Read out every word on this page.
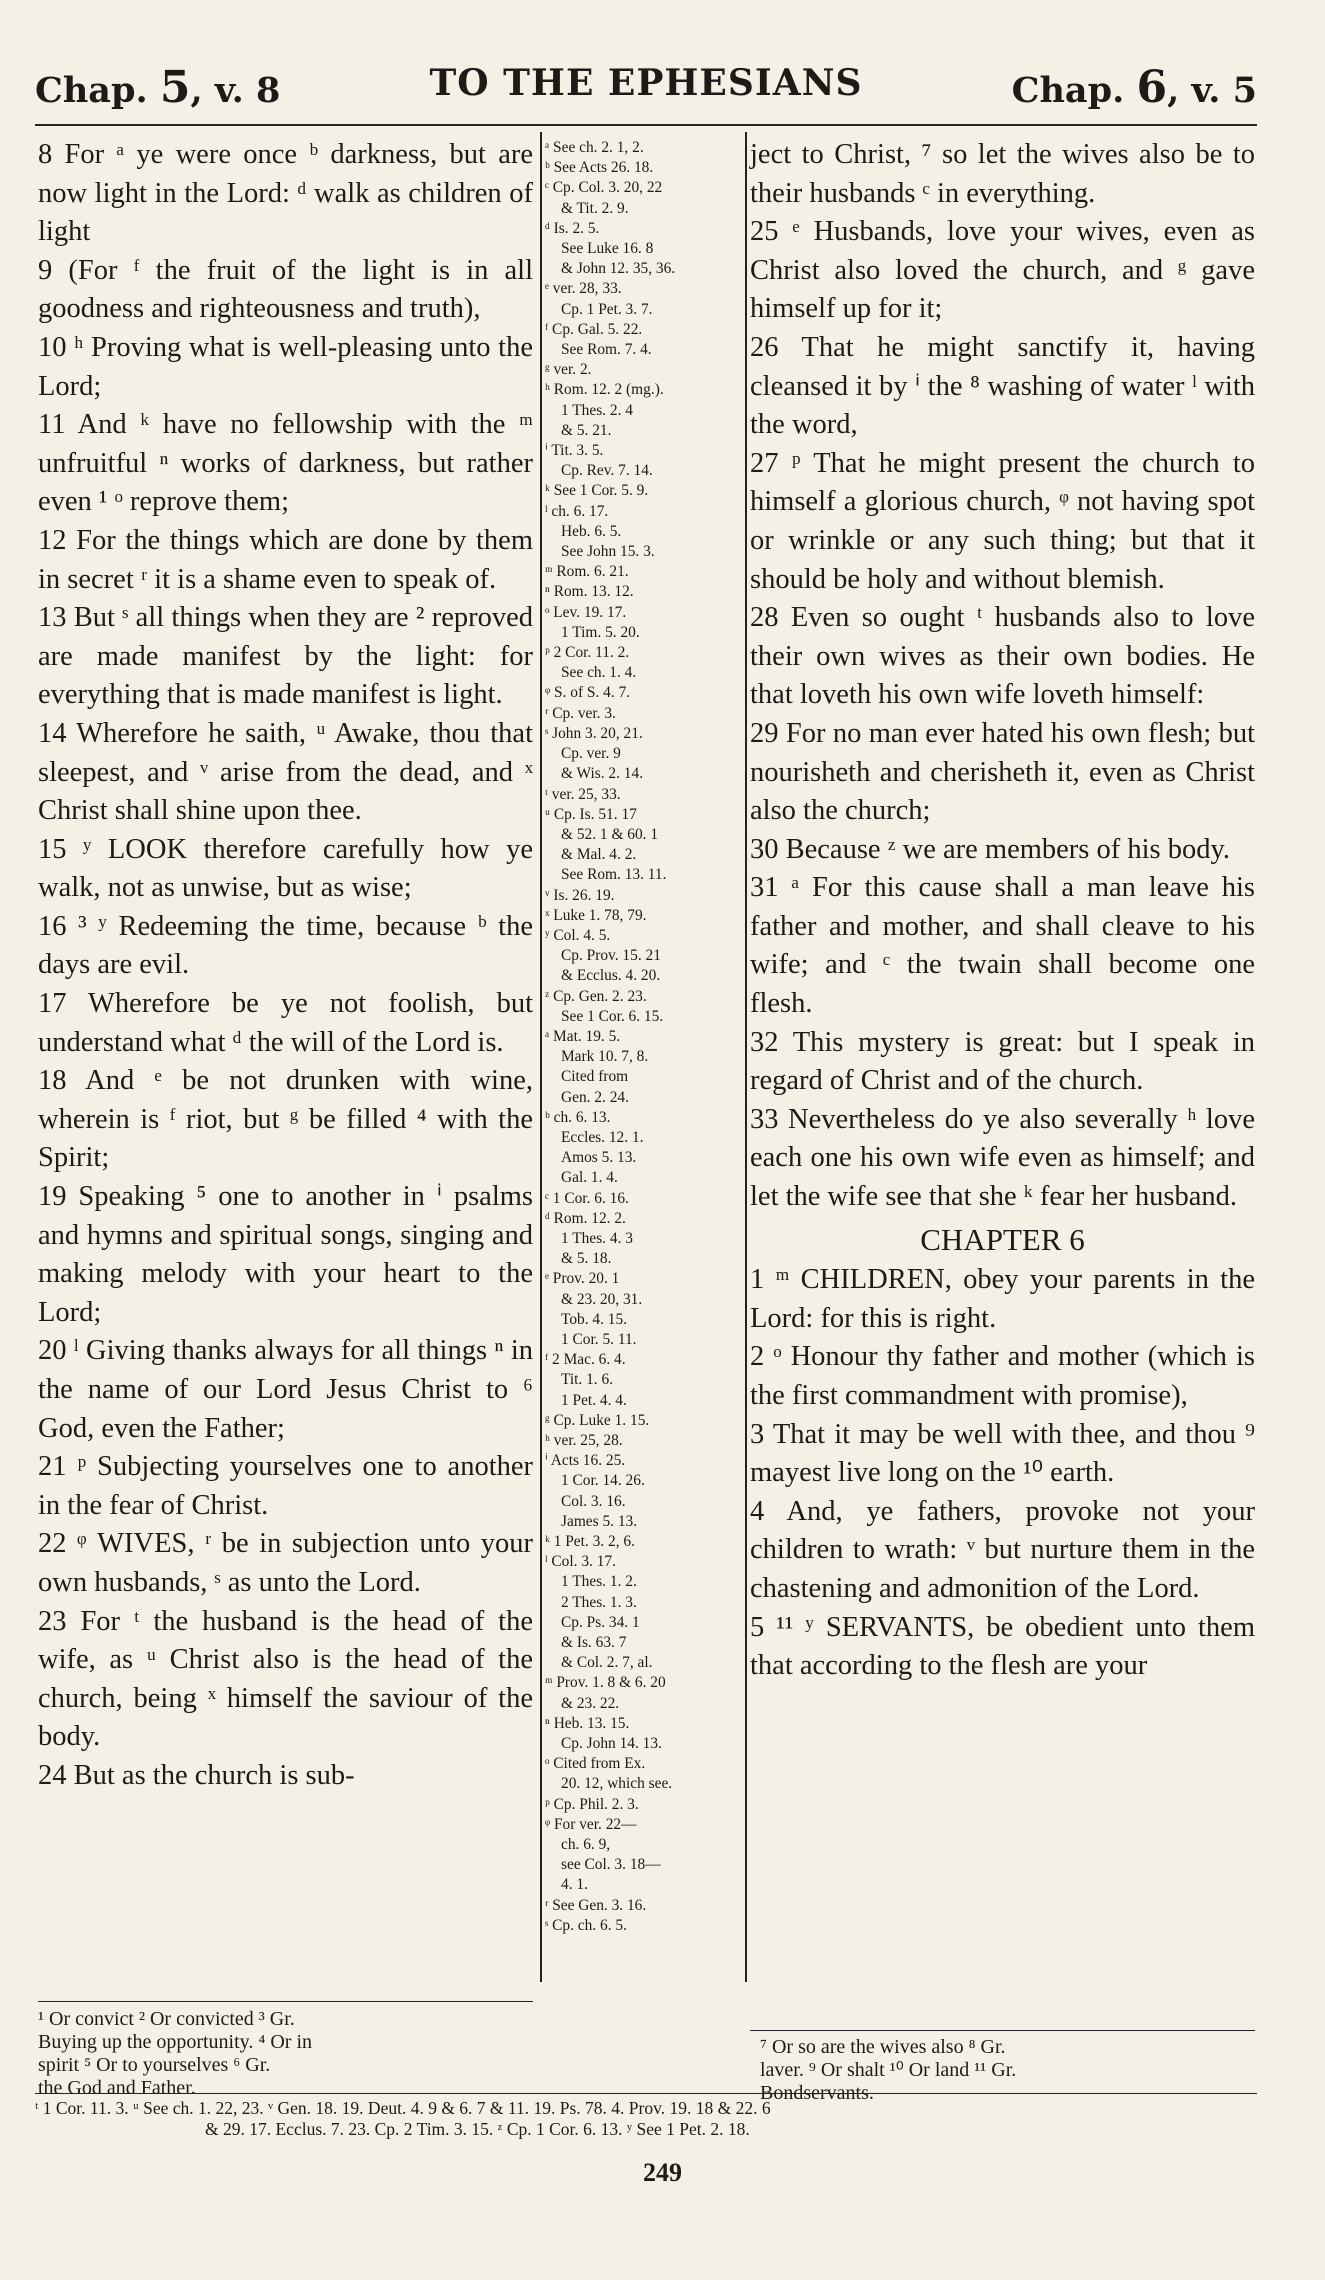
Chap. 5, v. 8	TO THE EPHESIANS	Chap. 6, v. 5

8 For ᵃ ye were once ᵇ darkness, but are now light in the Lord: ᵈ walk as children of light

9 (For ᶠ the fruit of the light is in all goodness and righteousness and truth),

10 ʰ Proving what is well-pleasing unto the Lord;

11 And ᵏ have no fellowship with the ᵐ unfruitful ⁿ works of darkness, but rather even ¹ ᵒ reprove them;

12 For the things which are done by them in secret ʳ it is a shame even to speak of.

13 But ˢ all things when they are ² reproved are made manifest by the light: for everything that is made manifest is light.

14 Wherefore he saith, ᵘ Awake, thou that sleepest, and ᵛ arise from the dead, and ˣ Christ shall shine upon thee.

15 ʸ LOOK therefore carefully how ye walk, not as unwise, but as wise;

16 ³ ʸ Redeeming the time, because ᵇ the days are evil.

17 Wherefore be ye not foolish, but understand what ᵈ the will of the Lord is.

18 And ᵉ be not drunken with wine, wherein is ᶠ riot, but ᵍ be filled ⁴ with the Spirit;

19 Speaking ⁵ one to another in ⁱ psalms and hymns and spiritual songs, singing and making melody with your heart to the Lord;

20 ˡ Giving thanks always for all things ⁿ in the name of our Lord Jesus Christ to ⁶ God, even the Father;

21 ᵖ Subjecting yourselves one to another in the fear of Christ.

22 ᵠ WIVES, ʳ be in subjection unto your own husbands, ˢ as unto the Lord.

23 For ᵗ the husband is the head of the wife, as ᵘ Christ also is the head of the church, being ˣ himself the saviour of the body.

24 But as the church is sub-

ᵃ See ch. 2. 1, 2.
ᵇ See Acts 26. 18.
ᶜ Cp. Col. 3. 20, 22
& Tit. 2. 9.
ᵈ Is. 2. 5.
See Luke 16. 8
& John 12. 35, 36.
ᵉ ver. 28, 33.
Cp. 1 Pet. 3. 7.
ᶠ Cp. Gal. 5. 22.
See Rom. 7. 4.
ᵍ ver. 2.
ʰ Rom. 12. 2 (mg.).
1 Thes. 2. 4
& 5. 21.
ⁱ Tit. 3. 5.
Cp. Rev. 7. 14.
ᵏ See 1 Cor. 5. 9.
ˡ ch. 6. 17.
Heb. 6. 5.
See John 15. 3.
ᵐ Rom. 6. 21.
ⁿ Rom. 13. 12.
ᵒ Lev. 19. 17.
1 Tim. 5. 20.
ᵖ 2 Cor. 11. 2.
See ch. 1. 4.
ᵠ S. of S. 4. 7.
ʳ Cp. ver. 3.
ˢ John 3. 20, 21.
Cp. ver. 9
& Wis. 2. 14.
ᵗ ver. 25, 33.
ᵘ Cp. Is. 51. 17
& 52. 1 & 60. 1
& Mal. 4. 2.
See Rom. 13. 11.
ᵛ Is. 26. 19.
ˣ Luke 1. 78, 79.
ʸ Col. 4. 5.
Cp. Prov. 15. 21
& Ecclus. 4. 20.
ᶻ Cp. Gen. 2. 23.
See 1 Cor. 6. 15.
ᵃ Mat. 19. 5.
Mark 10. 7, 8.
Cited from
Gen. 2. 24.
ᵇ ch. 6. 13.
Eccles. 12. 1.
Amos 5. 13.
Gal. 1. 4.
ᶜ 1 Cor. 6. 16.
ᵈ Rom. 12. 2.
1 Thes. 4. 3
& 5. 18.
ᵉ Prov. 20. 1
& 23. 20, 31.
Tob. 4. 15.
1 Cor. 5. 11.
ᶠ 2 Mac. 6. 4.
Tit. 1. 6.
1 Pet. 4. 4.
ᵍ Cp. Luke 1. 15.
ʰ ver. 25, 28.
ⁱ Acts 16. 25.
1 Cor. 14. 26.
Col. 3. 16.
James 5. 13.
ᵏ 1 Pet. 3. 2, 6.
ˡ Col. 3. 17.
1 Thes. 1. 2.
2 Thes. 1. 3.
Cp. Ps. 34. 1
& Is. 63. 7
& Col. 2. 7, al.
ᵐ Prov. 1. 8 & 6. 20
& 23. 22.
ⁿ Heb. 13. 15.
Cp. John 14. 13.
ᵒ Cited from Ex.
20. 12, which see.
ᵖ Cp. Phil. 2. 3.
ᵠ For ver. 22—
ch. 6. 9,
see Col. 3. 18—
4. 1.
ʳ See Gen. 3. 16.
ˢ Cp. ch. 6. 5.

ject to Christ, ⁷ so let the wives also be to their husbands ᶜ in everything.

25 ᵉ Husbands, love your wives, even as Christ also loved the church, and ᵍ gave himself up for it;

26 That he might sanctify it, having cleansed it by ⁱ the ⁸ washing of water ˡ with the word,

27 ᵖ That he might present the church to himself a glorious church, ᵠ not having spot or wrinkle or any such thing; but that it should be holy and without blemish.

28 Even so ought ᵗ husbands also to love their own wives as their own bodies. He that loveth his own wife loveth himself:

29 For no man ever hated his own flesh; but nourisheth and cherisheth it, even as Christ also the church;

30 Because ᶻ we are members of his body.

31 ᵃ For this cause shall a man leave his father and mother, and shall cleave to his wife; and ᶜ the twain shall become one flesh.

32 This mystery is great: but I speak in regard of Christ and of the church.

33 Nevertheless do ye also severally ʰ love each one his own wife even as himself; and let the wife see that she ᵏ fear her husband.

CHAPTER 6

1 ᵐ CHILDREN, obey your parents in the Lord: for this is right.

2 ᵒ Honour thy father and mother (which is the first commandment with promise),

3 That it may be well with thee, and thou ⁹ mayest live long on the ¹⁰ earth.

4 And, ye fathers, provoke not your children to wrath: ᵛ but nurture them in the chastening and admonition of the Lord.

5 ¹¹ ʸ SERVANTS, be obedient unto them that according to the flesh are your

¹ Or convict ² Or convicted ³ Gr.
Buying up the opportunity. ⁴ Or in
spirit ⁵ Or to yourselves ⁶ Gr.
the God and Father.
⁷ Or so are the wives also ⁸ Gr.
laver. ⁹ Or shalt ¹⁰ Or land ¹¹ Gr.
Bondservants.
ᵗ 1 Cor. 11. 3. ᵘ See ch. 1. 22, 23. ᵛ Gen. 18. 19. Deut. 4. 9 & 6. 7 & 11. 19. Ps. 78. 4. Prov. 19. 18 & 22. 6
& 29. 17. Ecclus. 7. 23. Cp. 2 Tim. 3. 15. ᶻ Cp. 1 Cor. 6. 13. ʸ See 1 Pet. 2. 18.
249
